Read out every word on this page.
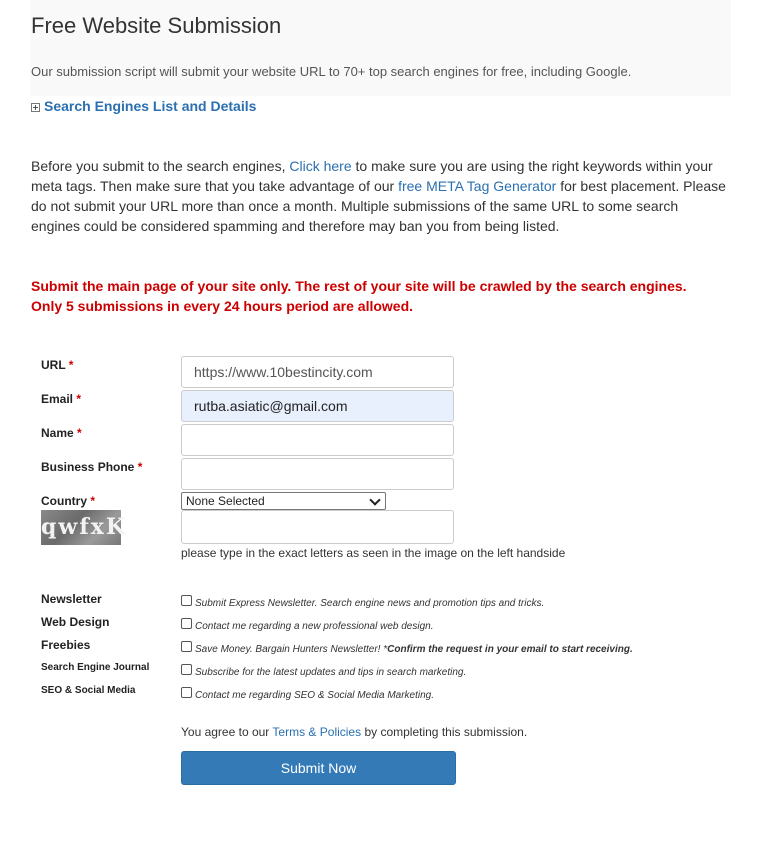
Free Website Submission
Our submission script will submit your website URL to 70+ top search engines for free, including Google.
Search Engines List and Details

Before you submit to the search engines, Click here to make sure you are using the right keywords within your meta tags. Then make sure that you take advantage of our free META Tag Generator for best placement. Please do not submit your URL more than once a month. Multiple submissions of the same URL to some search engines could be considered spamming and therefore may ban you from being listed.

Submit the main page of your site only. The rest of your site will be crawled by the search engines.
Only 5 submissions in every 24 hours period are allowed.

URL *
Email *
Name *
Business Phone *
Country *
https://www.10bestincity.com
rutba.asiatic@gmail.com
None Selected
qwfxK
please type in the exact letters as seen in the image on the left handside
Newsletter
Web Design
Freebies
Search Engine Journal
SEO & Social Media
Submit Express Newsletter. Search engine news and promotion tips and tricks.
Contact me regarding a new professional web design.
Save Money. Bargain Hunters Newsletter! *Confirm the request in your email to start receiving.
Subscribe for the latest updates and tips in search marketing.
Contact me regarding SEO & Social Media Marketing.
You agree to our Terms & Policies by completing this submission.
Submit Now
